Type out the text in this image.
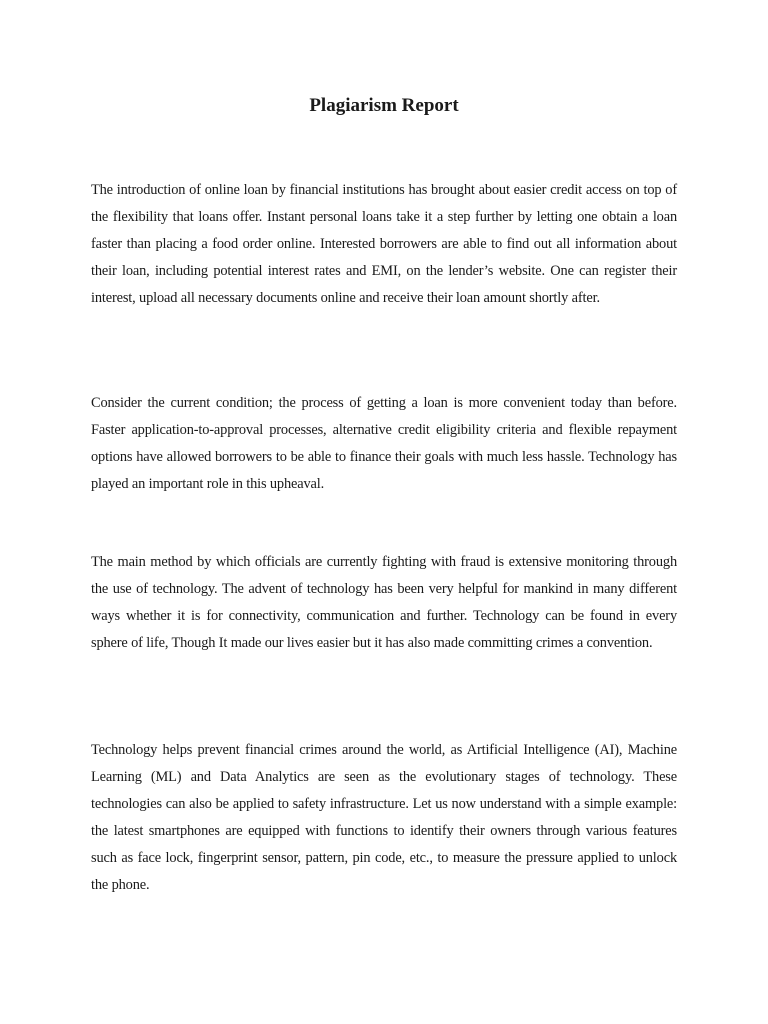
Plagiarism Report

The introduction of online loan by financial institutions has brought about easier credit access on top of the flexibility that loans offer. Instant personal loans take it a step further by letting one obtain a loan faster than placing a food order online. Interested borrowers are able to find out all information about their loan, including potential interest rates and EMI, on the lender’s website. One can register their interest, upload all necessary documents online and receive their loan amount shortly after.

Consider the current condition; the process of getting a loan is more convenient today than before. Faster application-to-approval processes, alternative credit eligibility criteria and flexible repayment options have allowed borrowers to be able to finance their goals with much less hassle. Technology has played an important role in this upheaval.

The main method by which officials are currently fighting with fraud is extensive monitoring through the use of technology. The advent of technology has been very helpful for mankind in many different ways whether it is for connectivity, communication and further. Technology can be found in every sphere of life, Though It made our lives easier but it has also made committing crimes a convention.

Technology helps prevent financial crimes around the world, as Artificial Intelligence (AI), Machine Learning (ML) and Data Analytics are seen as the evolutionary stages of technology. These technologies can also be applied to safety infrastructure. Let us now understand with a simple example: the latest smartphones are equipped with functions to identify their owners through various features such as face lock, fingerprint sensor, pattern, pin code, etc., to measure the pressure applied to unlock the phone.
